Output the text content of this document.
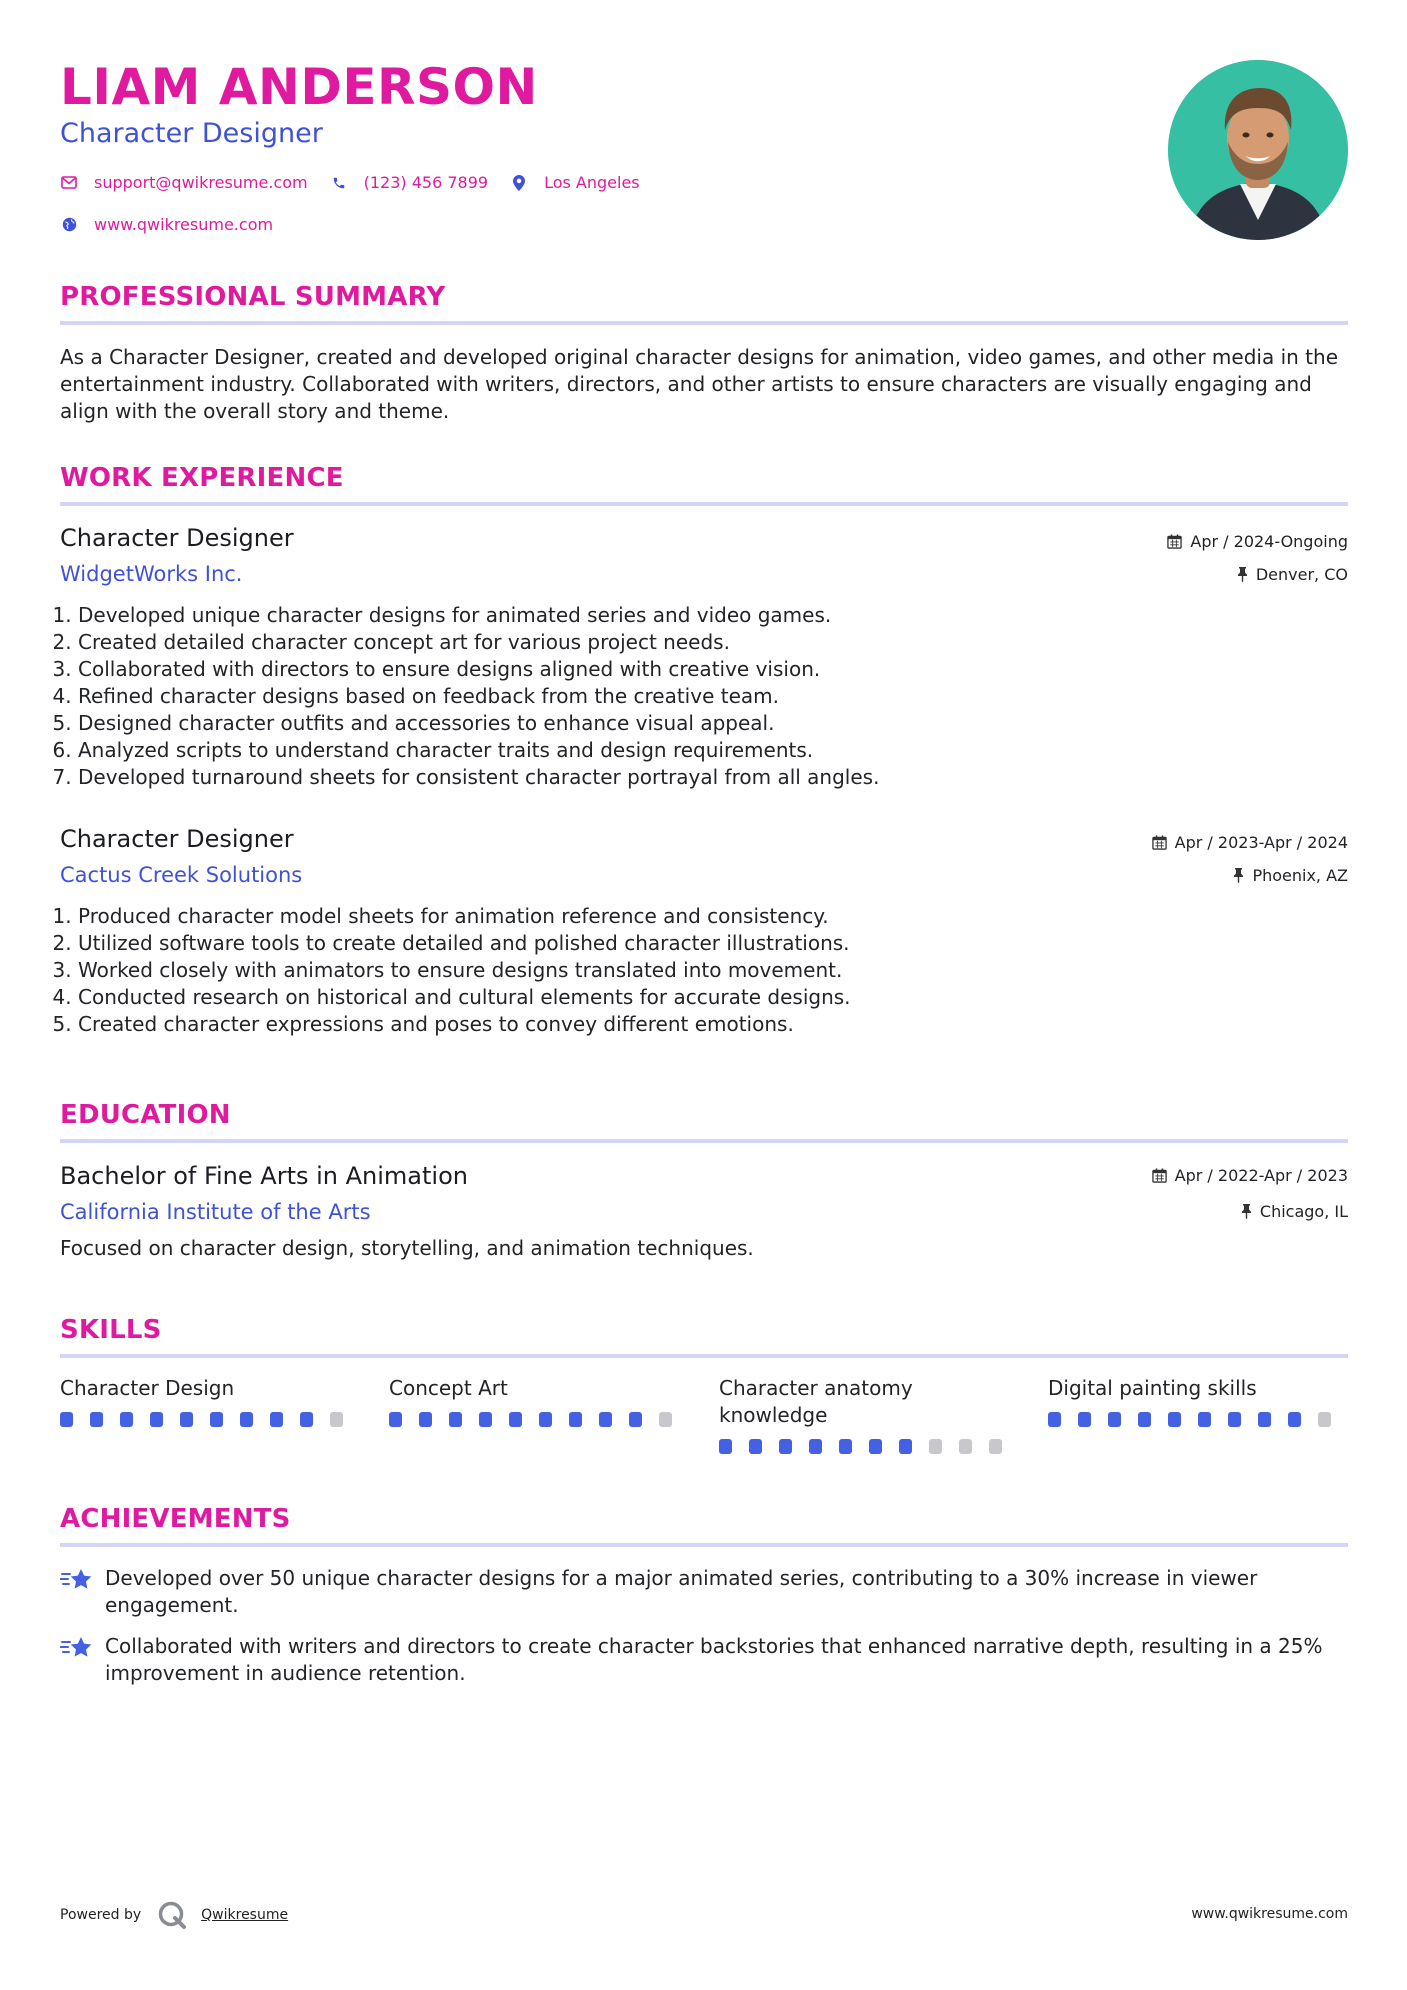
LIAM ANDERSON
Character Designer
support@qwikresume.com	(123) 456 7899	Los Angeles
www.qwikresume.com
PROFESSIONAL SUMMARY
As a Character Designer, created and developed original character designs for animation, video games, and other media in the entertainment industry. Collaborated with writers, directors, and other artists to ensure characters are visually engaging and align with the overall story and theme.
WORK EXPERIENCE
Character Designer
WidgetWorks Inc.
Apr / 2024-Ongoing
Denver, CO
1. Developed unique character designs for animated series and video games.
2. Created detailed character concept art for various project needs.
3. Collaborated with directors to ensure designs aligned with creative vision.
4. Refined character designs based on feedback from the creative team.
5. Designed character outfits and accessories to enhance visual appeal.
6. Analyzed scripts to understand character traits and design requirements.
7. Developed turnaround sheets for consistent character portrayal from all angles.
Character Designer
Cactus Creek Solutions
Apr / 2023-Apr / 2024
Phoenix, AZ
1. Produced character model sheets for animation reference and consistency.
2. Utilized software tools to create detailed and polished character illustrations.
3. Worked closely with animators to ensure designs translated into movement.
4. Conducted research on historical and cultural elements for accurate designs.
5. Created character expressions and poses to convey different emotions.
EDUCATION
Bachelor of Fine Arts in Animation
California Institute of the Arts
Apr / 2022-Apr / 2023
Chicago, IL
Focused on character design, storytelling, and animation techniques.
SKILLS
Character Design	Concept Art	Character anatomy knowledge
Digital painting skills
ACHIEVEMENTS
Developed over 50 unique character designs for a major animated series, contributing to a 30% increase in viewer engagement.
Collaborated with writers and directors to create character backstories that enhanced narrative depth, resulting in a 25% improvement in audience retention.
Powered by	Qwikresume	www.qwikresume.com
